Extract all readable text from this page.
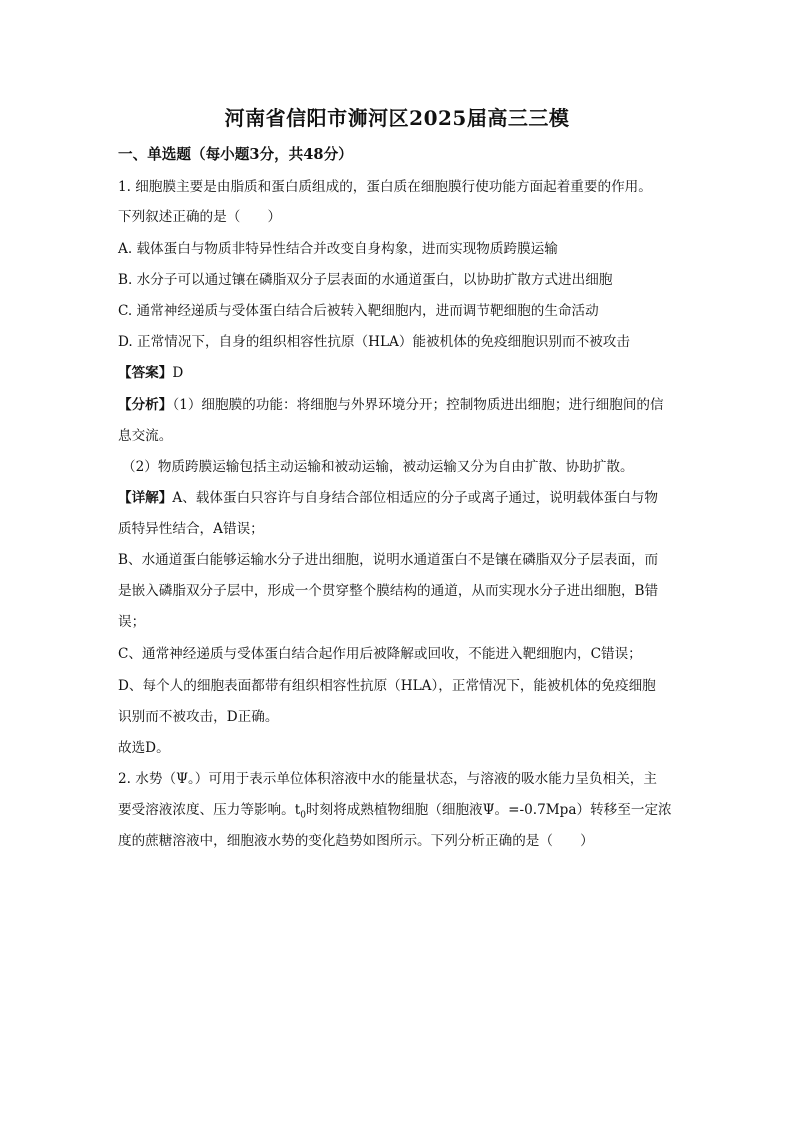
河南省信阳市浉河区2025届高三三模
一、单选题（每小题3分，共48分）
1. 细胞膜主要是由脂质和蛋白质组成的，蛋白质在细胞膜行使功能方面起着重要的作用。
下列叙述正确的是（　　）
A. 载体蛋白与物质非特异性结合并改变自身构象，进而实现物质跨膜运输
B. 水分子可以通过镶在磷脂双分子层表面的水通道蛋白，以协助扩散方式进出细胞
C. 通常神经递质与受体蛋白结合后被转入靶细胞内，进而调节靶细胞的生命活动
D. 正常情况下，自身的组织相容性抗原（HLA）能被机体的免疫细胞识别而不被攻击
【答案】D
【分析】（1）细胞膜的功能：将细胞与外界环境分开；控制物质进出细胞；进行细胞间的信
息交流。
（2）物质跨膜运输包括主动运输和被动运输，被动运输又分为自由扩散、协助扩散。
【详解】A、载体蛋白只容许与自身结合部位相适应的分子或离子通过，说明载体蛋白与物
质特异性结合，A错误；
B、水通道蛋白能够运输水分子进出细胞，说明水通道蛋白不是镶在磷脂双分子层表面，而
是嵌入磷脂双分子层中，形成一个贯穿整个膜结构的通道，从而实现水分子进出细胞，B错
误；
C、通常神经递质与受体蛋白结合起作用后被降解或回收，不能进入靶细胞内，C错误；
D、每个人的细胞表面都带有组织相容性抗原（HLA），正常情况下，能被机体的免疫细胞
识别而不被攻击，D正确。
故选D。
2. 水势（Ψ。）可用于表示单位体积溶液中水的能量状态，与溶液的吸水能力呈负相关，主
要受溶液浓度、压力等影响。$t_0$时刻将成熟植物细胞（细胞液Ψ。=-0.7Mpa）转移至一定浓
度的蔗糖溶液中，细胞液水势的变化趋势如图所示。下列分析正确的是（　　）
